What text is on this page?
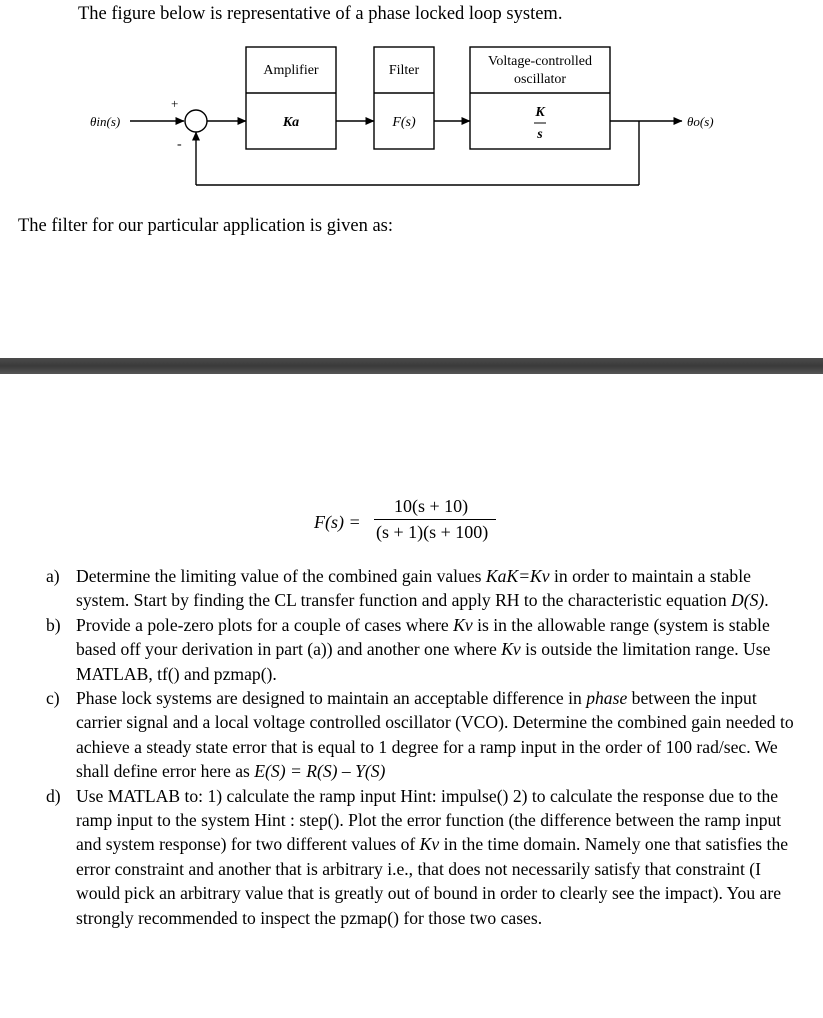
The figure below is representative of a phase locked loop system.
Amplifier	Filter
Voltage-controlled
oscillator
Ka	F(s)
K
s
θin(s)	θo(s)
+
-
The filter for our particular application is given as:
F(s) =
10(s + 10)
(s + 1)(s + 100)
a) Determine the limiting value of the combined gain values KaK=Kv in order to maintain a stable system. Start by finding the CL transfer function and apply RH to the characteristic equation D(S).
b) Provide a pole-zero plots for a couple of cases where Kv is in the allowable range (system is stable based off your derivation in part (a)) and another one where Kv is outside the limitation range. Use MATLAB, tf() and pzmap().
c) Phase lock systems are designed to maintain an acceptable difference in phase between the input carrier signal and a local voltage controlled oscillator (VCO). Determine the combined gain needed to achieve a steady state error that is equal to 1 degree for a ramp input in the order of 100 rad/sec. We shall define error here as E(S) = R(S) – Y(S)
d) Use MATLAB to: 1) calculate the ramp input Hint: impulse() 2) to calculate the response due to the ramp input to the system Hint : step(). Plot the error function (the difference between the ramp input and system response) for two different values of Kv in the time domain. Namely one that satisfies the error constraint and another that is arbitrary i.e., that does not necessarily satisfy that constraint (I would pick an arbitrary value that is greatly out of bound in order to clearly see the impact). You are strongly recommended to inspect the pzmap() for those two cases.
